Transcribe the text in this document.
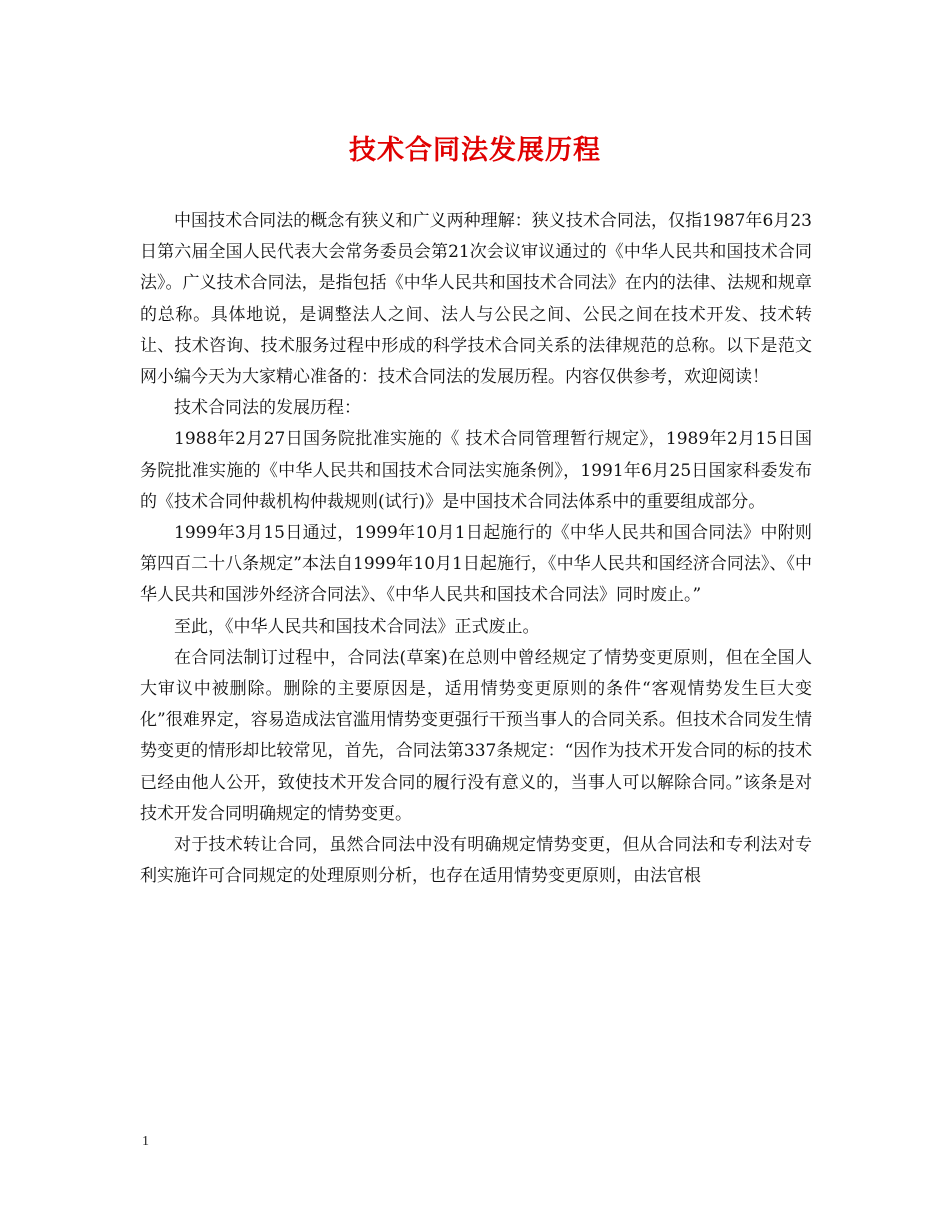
技术合同法发展历程

中国技术合同法的概念有狭义和广义两种理解：狭义技术合同法，仅指1987年6月23日第六届全国人民代表大会常务委员会第21次会议审议通过的《中华人民共和国技术合同法》。广义技术合同法，是指包括《中华人民共和国技术合同法》在内的法律、法规和规章的总称。具体地说，是调整法人之间、法人与公民之间、公民之间在技术开发、技术转让、技术咨询、技术服务过程中形成的科学技术合同关系的法律规范的总称。以下是范文网小编今天为大家精心准备的：技术合同法的发展历程。内容仅供参考，欢迎阅读！

技术合同法的发展历程：

1988年2月27日国务院批准实施的《 技术合同管理暂行规定》，1989年2月15日国务院批准实施的《中华人民共和国技术合同法实施条例》，1991年6月25日国家科委发布的《技术合同仲裁机构仲裁规则(试行)》是中国技术合同法体系中的重要组成部分。

1999年3月15日通过，1999年10月1日起施行的《中华人民共和国合同法》中附则第四百二十八条规定”本法自1999年10月1日起施行，《中华人民共和国经济合同法》、《中华人民共和国涉外经济合同法》、《中华人民共和国技术合同法》同时废止。”

至此，《中华人民共和国技术合同法》正式废止。

在合同法制订过程中，合同法(草案)在总则中曾经规定了情势变更原则，但在全国人大审议中被删除。删除的主要原因是，适用情势变更原则的条件“客观情势发生巨大变化”很难界定，容易造成法官滥用情势变更强行干预当事人的合同关系。但技术合同发生情势变更的情形却比较常见，首先，合同法第337条规定：“因作为技术开发合同的标的技术已经由他人公开，致使技术开发合同的履行没有意义的，当事人可以解除合同。”该条是对技术开发合同明确规定的情势变更。

对于技术转让合同，虽然合同法中没有明确规定情势变更，但从合同法和专利法对专利实施许可合同规定的处理原则分析，也存在适用情势变更原则，由法官根

1
